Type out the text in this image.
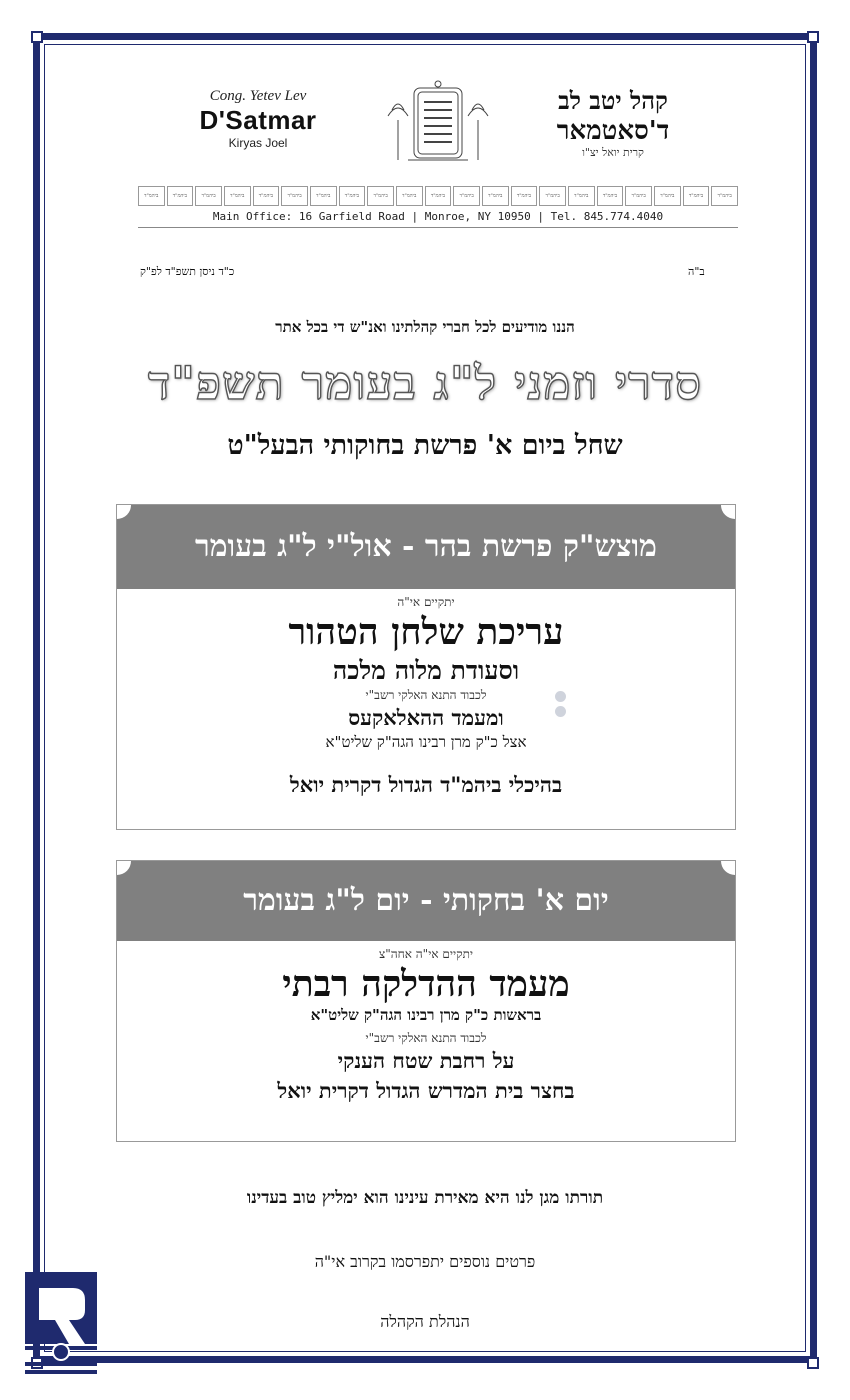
Cong. Yetev Lev
D'Satmar
Kiryas Joel
קהל יטב לב
ד'סאטמאר
קרית יואל יצ"ו
ביהמ"ד
ביהמ"ד
ביהמ"ד
ביהמ"ד
ביהמ"ד
ביהמ"ד
ביהמ"ד
ביהמ"ד
ביהמ"ד
ביהמ"ד
ביהמ"ד
ביהמ"ד
ביהמ"ד
ביהמ"ד
ביהמ"ד
ביהמ"ד
ביהמ"ד
ביהמ"ד
ביהמ"ד
ביהמ"ד
ביהמ"ד
Main Office: 16 Garfield Road | Monroe, NY 10950 | Tel. 845.774.4040
כ"ד ניסן תשפ"ד לפ"ק	ב"ה
הננו מודיעים לכל חברי קהלתינו ואנ"ש די בכל אתר
סדרי וזמני ל"ג בעומר תשפ"ד
שחל ביום א' פרשת בחוקותי הבעל"ט
מוצש"ק פרשת בהר - אול"י ל"ג בעומר
יתקיים אי"ה
עריכת שלחן הטהור
וסעודת מלוה מלכה
לכבוד התנא האלקי רשב"י
ומעמד ההאלאקעס
אצל כ"ק מרן רבינו הגה"ק שליט"א
בהיכלי ביהמ"ד הגדול דקרית יואל
יום א' בחקותי - יום ל"ג בעומר
יתקיים אי"ה אחה"צ
מעמד ההדלקה רבתי
בראשות כ"ק מרן רבינו הגה"ק שליט"א
לכבוד התנא האלקי רשב"י
על רחבת שטח הענקי
בחצר בית המדרש הגדול דקרית יואל
תורתו מגן לנו היא מאירת עינינו הוא ימליץ טוב בעדינו
פרטים נוספים יתפרסמו בקרוב אי"ה
הנהלת הקהלה
